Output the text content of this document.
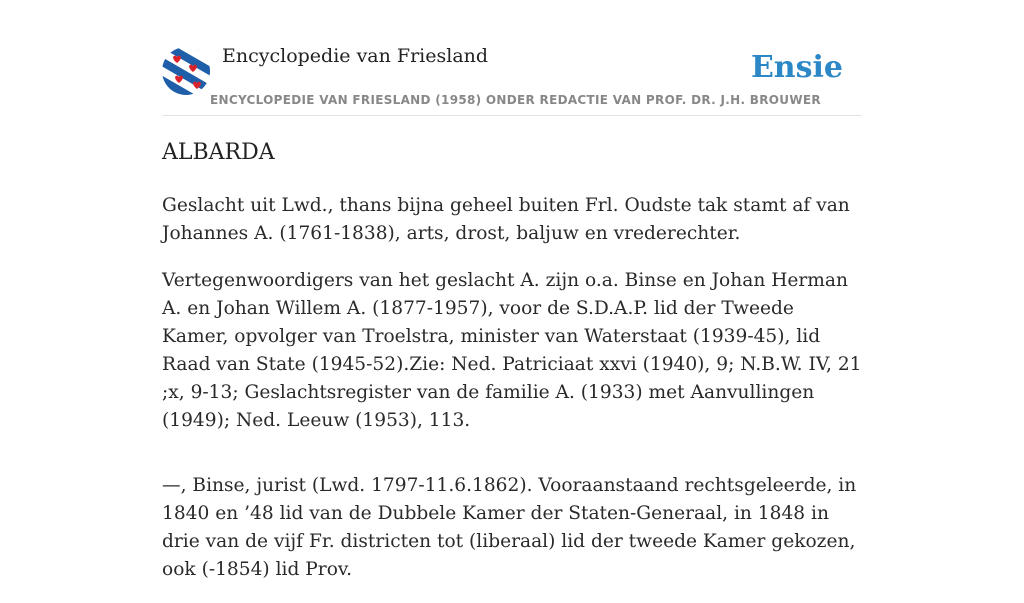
Encyclopedie van Friesland	Ensie
ENCYCLOPEDIE VAN FRIESLAND (1958) ONDER REDACTIE VAN PROF. DR. J.H. BROUWER
ALBARDA

Geslacht uit Lwd., thans bijna geheel buiten Frl. Oudste tak stamt af van Johannes A. (1761-1838), arts, drost, baljuw en vrederechter.

Vertegenwoordigers van het geslacht A. zijn o.a. Binse en Johan Herman A. en Johan Willem A. (1877-1957), voor de S.D.A.P. lid der Tweede Kamer, opvolger van Troelstra, minister van Waterstaat (1939-45), lid Raad van State (1945-52).Zie: Ned. Patriciaat xxvi (1940), 9; N.B.W. IV, 21 ;x, 9-13; Geslachtsregister van de familie A. (1933) met Aanvullingen (1949); Ned. Leeuw (1953), 113.

—, Binse, jurist (Lwd. 1797-11.6.1862). Vooraanstaand rechtsgeleerde, in 1840 en ’48 lid van de Dubbele Kamer der Staten-Generaal, in 1848 in drie van de vijf Fr. districten tot (liberaal) lid der tweede Kamer gekozen, ook (-1854) lid Prov.
